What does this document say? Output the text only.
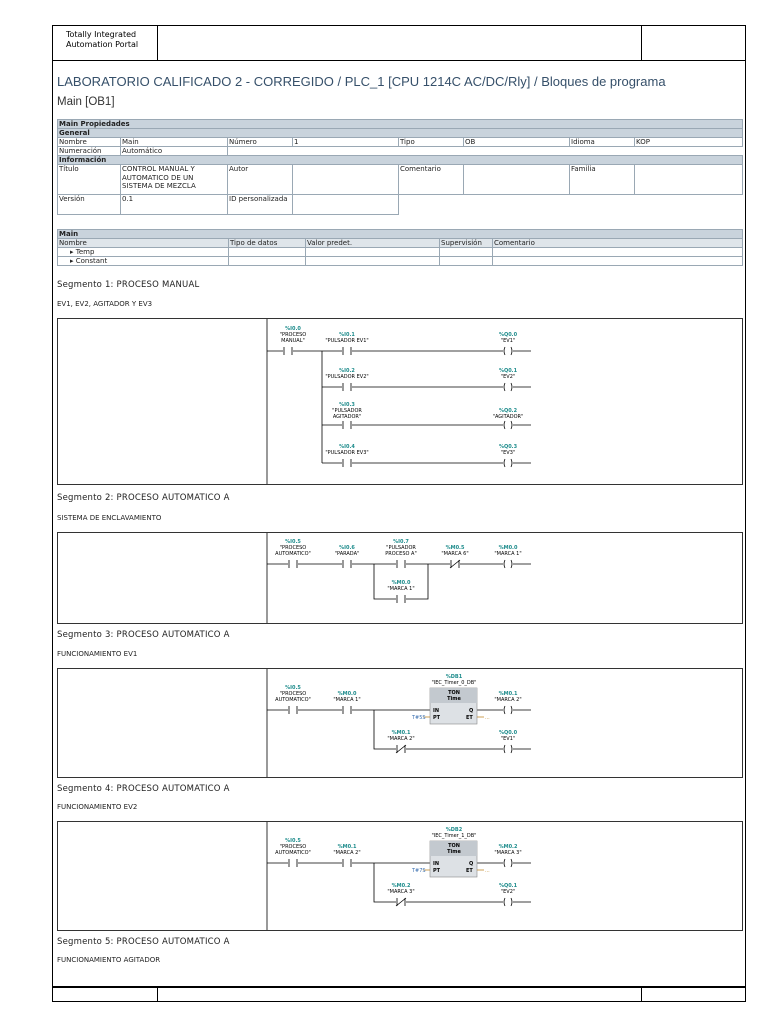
Totally Integrated
Automation Portal
LABORATORIO CALIFICADO 2 - CORREGIDO / PLC_1 [CPU 1214C AC/DC/Rly] / Bloques de programa
Main [OB1]
Main Propiedades							
General							
Nombre	Main	Número	1	Tipo	OB	Idioma	KOP
Numeración	Automático						
Información							
Título	CONTROL MANUAL Y AUTOMATICO DE UN SISTEMA DE MEZCLA	Autor		Comentario		Familia	
Versión	0.1	ID personalizada					
Main				
Nombre	Tipo de datos	Valor predet.	Supervisión	Comentario
▸ Temp				
▸ Constant				
Segmento 1: PROCESO MANUAL
EV1, EV2, AGITADOR Y EV3
Segmento 2: PROCESO AUTOMATICO A
SISTEMA DE ENCLAVAMIENTO
Segmento 3: PROCESO AUTOMATICO A
FUNCIONAMIENTO EV1
Segmento 4: PROCESO AUTOMATICO A
FUNCIONAMIENTO EV2
Segmento 5: PROCESO AUTOMATICO A
FUNCIONAMIENTO AGITADOR
%I0.0
"PROCESO
MANUAL"
%I0.1
"PULSADOR EV1"
%Q0.0
"EV1"
%I0.2
"PULSADOR EV2"
%Q0.1
"EV2"
%I0.3
"PULSADOR
AGITADOR"
%Q0.2
"AGITADOR"
%I0.4
"PULSADOR EV3"
%Q0.3
"EV3"
%I0.5
"PROCESO
AUTOMATICO"
%I0.6
"PARADA"
%I0.7
"PULSADOR
PROCESO A"
%M0.5
"MARCA 6"
%M0.0
"MARCA 1"
%M0.0
"MARCA 1"
%I0.5
"PROCESO
AUTOMATICO"
%M0.0
"MARCA 1"
%DB1
"IEC_Timer_0_DB"
TON
Time
%M0.1
"MARCA 2"
%M0.1
"MARCA 2"
%Q0.0
"EV1"
IN
PT
Q
ET
T#5S	...
%I0.5
"PROCESO
AUTOMATICO"
%M0.1
"MARCA 2"
%DB2
"IEC_Timer_1_DB"
TON
Time
%M0.2
"MARCA 3"
%M0.2
"MARCA 3"
%Q0.1
"EV2"
IN
PT
Q
ET
T#7S	...
